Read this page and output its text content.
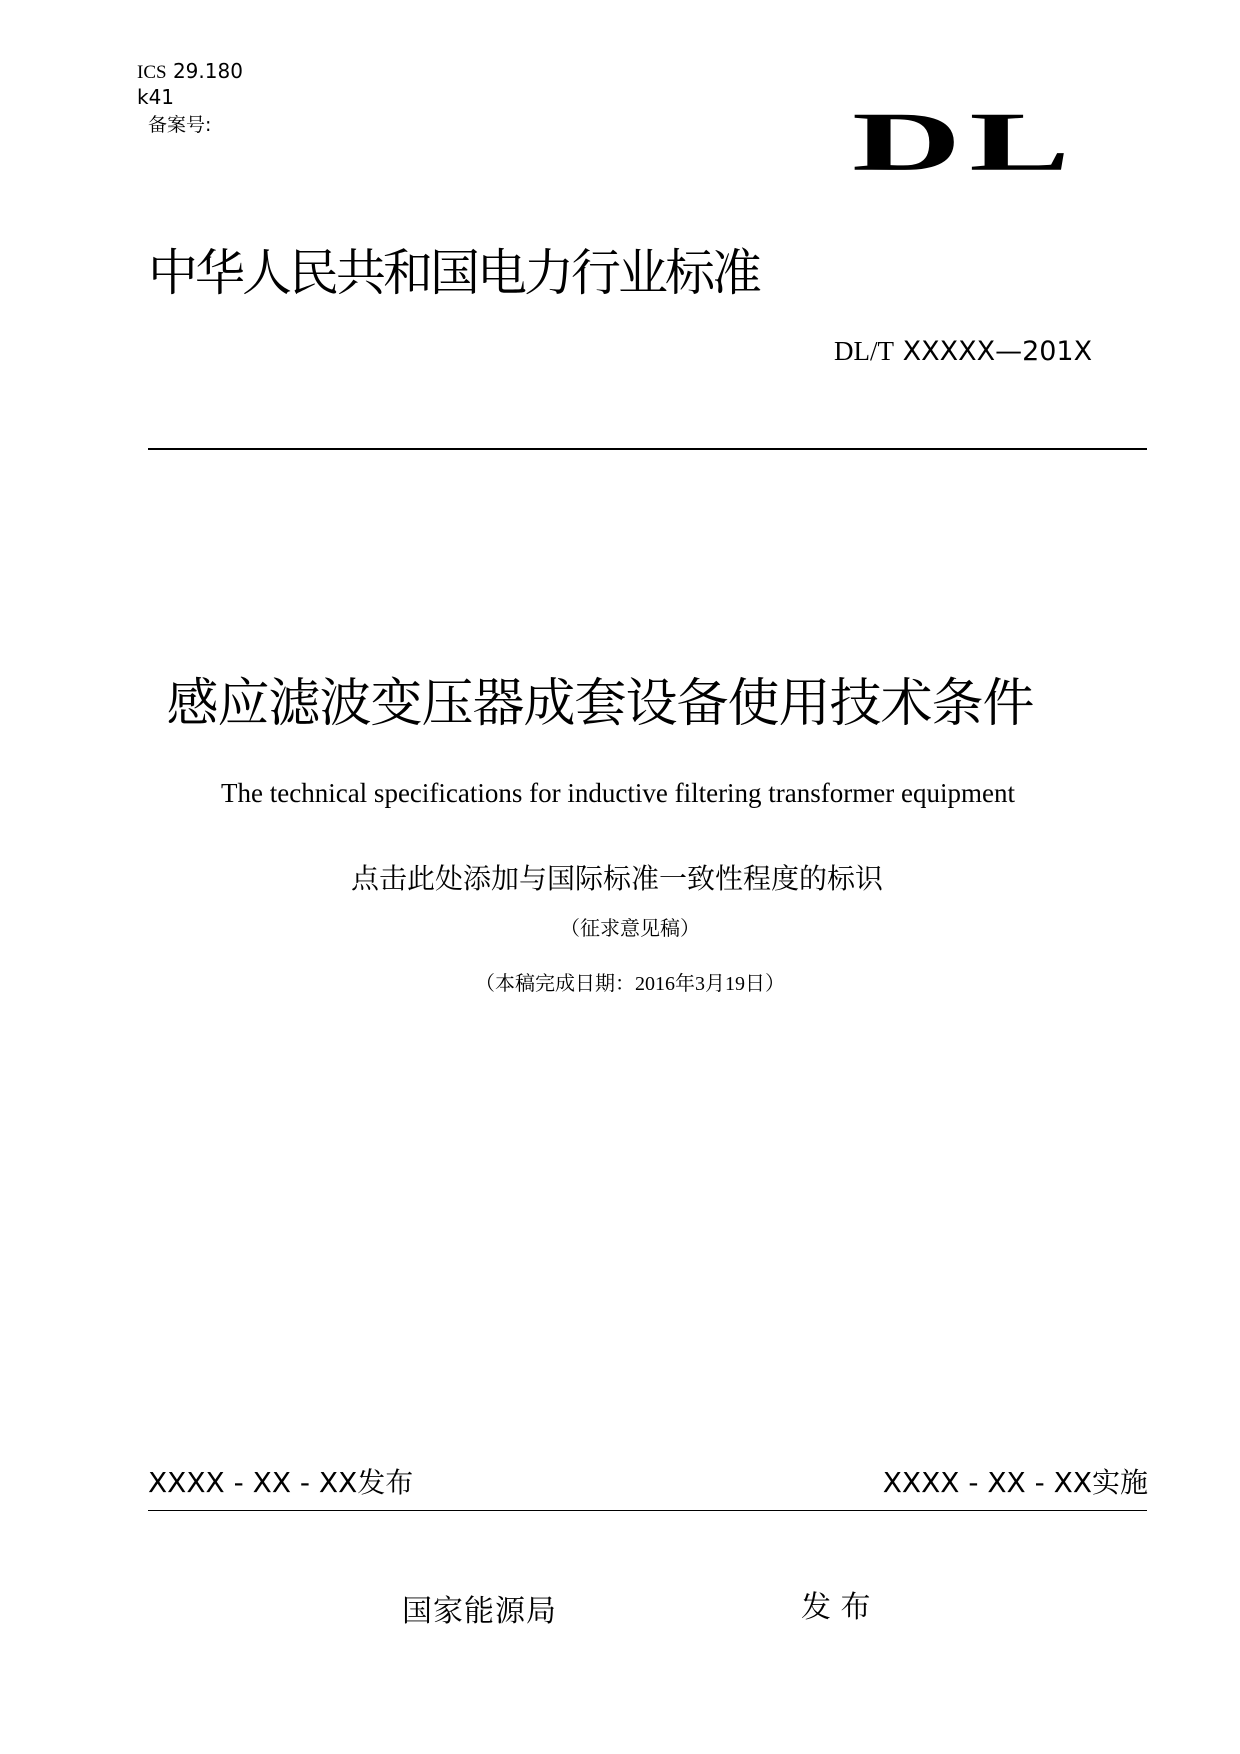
ICS 29.180
k41
备案号:	DL
中华人民共和国电力行业标准
DL/T XXXXX—201X
感应滤波变压器成套设备使用技术条件
The technical specifications for inductive filtering transformer equipment
点击此处添加与国际标准一致性程度的标识
（征求意见稿）
（本稿完成日期：2016年3月19日）
XXXX - XX - XX发布	XXXX - XX - XX实施
国家能源局	发 布
